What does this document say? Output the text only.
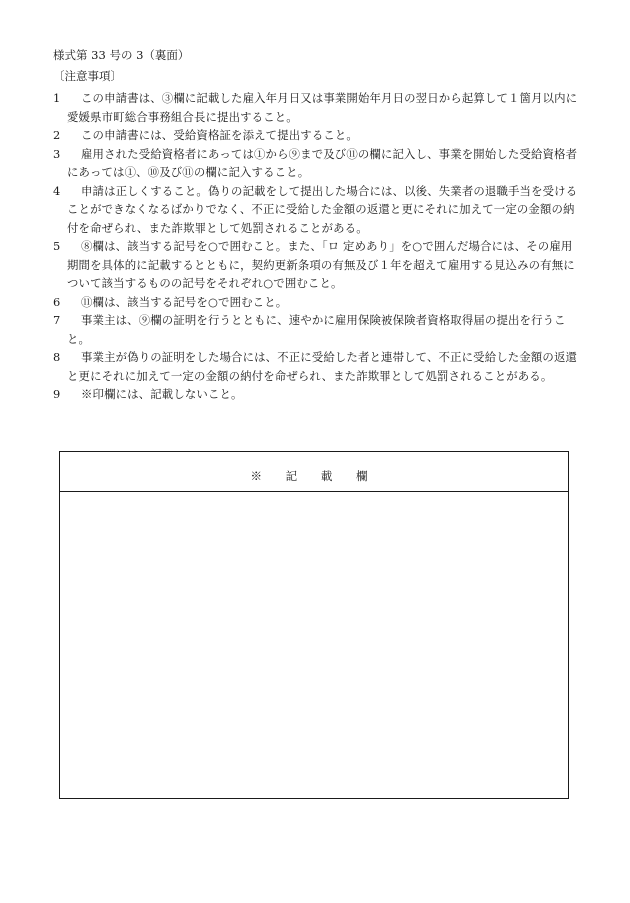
様式第 33 号の 3（裏面）
〔注意事項〕
1	この申請書は、③欄に記載した雇入年月日又は事業開始年月日の翌日から起算して１箇月以内に愛媛県市町総合事務組合長に提出すること。
2	この申請書には、受給資格証を添えて提出すること。
3	雇用された受給資格者にあっては①から⑨まで及び⑪の欄に記入し、事業を開始した受給資格者にあっては①、⑩及び⑪の欄に記入すること。
4	申請は正しくすること。偽りの記載をして提出した場合には、以後、失業者の退職手当を受けることができなくなるばかりでなく、不正に受給した金額の返還と更にそれに加えて一定の金額の納付を命ぜられ、また詐欺罪として処罰されることがある。
5	⑧欄は、該当する記号を○で囲むこと。また、「ロ 定めあり」を○で囲んだ場合には、その雇用期間を具体的に記載するとともに，契約更新条項の有無及び１年を超えて雇用する見込みの有無について該当するものの記号をそれぞれ○で囲むこと。
6	⑪欄は、該当する記号を○で囲むこと。
7	事業主は、⑨欄の証明を行うとともに、速やかに雇用保険被保険者資格取得届の提出を行うこと。
8	事業主が偽りの証明をした場合には、不正に受給した者と連帯して、不正に受給した金額の返還と更にそれに加えて一定の金額の納付を命ぜられ、また詐欺罪として処罰されることがある。
9	※印欄には、記載しないこと。
※ 記 載 欄
